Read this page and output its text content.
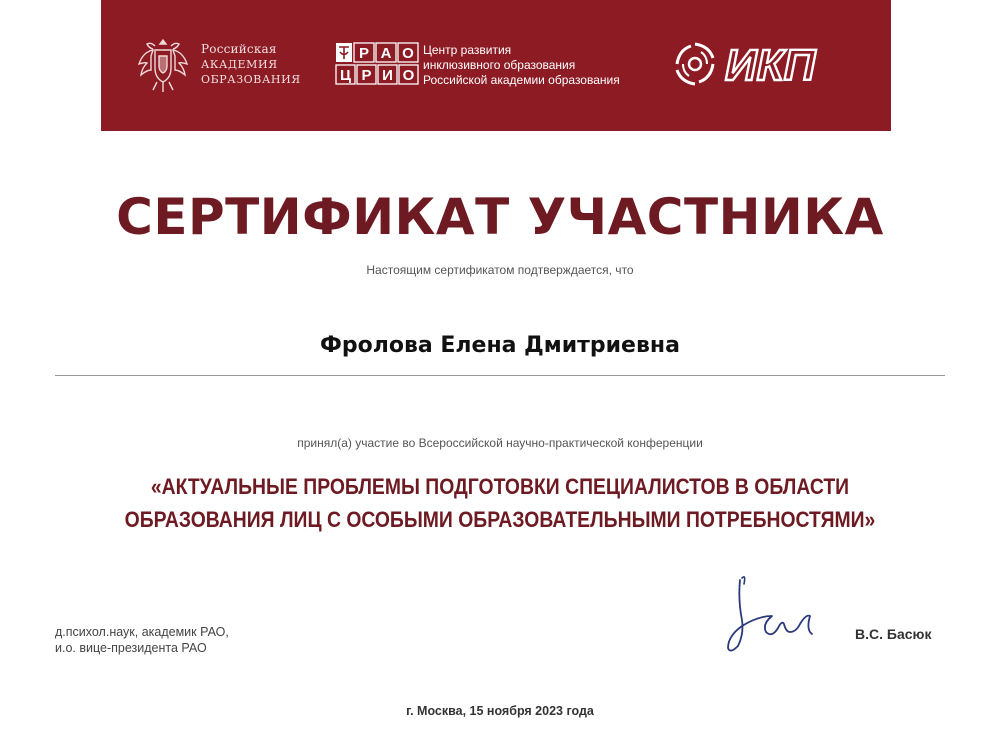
Российская
АКАДЕМИЯ
ОБРАЗОВАНИЯ
Р А О
Ц Р И О
Центр развития
инклюзивного образования
Российской академии образования ИКП
СЕРТИФИКАТ УЧАСТНИКА
Настоящим сертификатом подтверждается, что
Фролова Елена Дмитриевна
принял(а) участие во Всероссийской научно-практической конференции
«АКТУАЛЬНЫЕ ПРОБЛЕМЫ ПОДГОТОВКИ СПЕЦИАЛИСТОВ В ОБЛАСТИ
ОБРАЗОВАНИЯ ЛИЦ С ОСОБЫМИ ОБРАЗОВАТЕЛЬНЫМИ ПОТРЕБНОСТЯМИ»
д.психол.наук, академик РАО,
и.о. вице-президента РАО
В.С. Басюк
г. Москва, 15 ноября 2023 года
